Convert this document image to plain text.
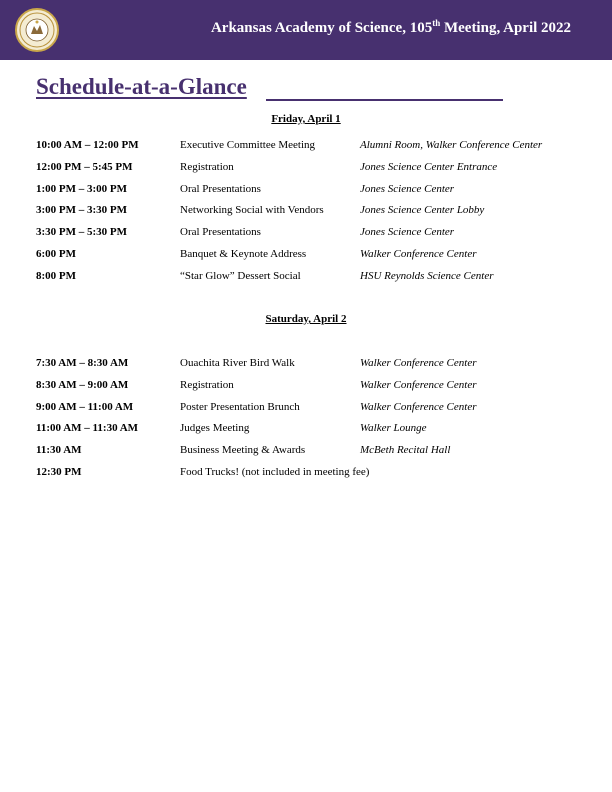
Arkansas Academy of Science, 105th Meeting, April 2022
Schedule-at-a-Glance
Friday, April 1
10:00 AM – 12:00 PM	Executive Committee Meeting	Alumni Room, Walker Conference Center
12:00 PM – 5:45 PM	Registration	Jones Science Center Entrance
1:00 PM – 3:00 PM	Oral Presentations	Jones Science Center
3:00 PM – 3:30 PM	Networking Social with Vendors	Jones Science Center Lobby
3:30 PM – 5:30 PM	Oral Presentations	Jones Science Center
6:00 PM	Banquet & Keynote Address	Walker Conference Center
8:00 PM	“Star Glow” Dessert Social	HSU Reynolds Science Center
Saturday, April 2
7:30 AM – 8:30 AM	Ouachita River Bird Walk	Walker Conference Center
8:30 AM – 9:00 AM	Registration	Walker Conference Center
9:00 AM – 11:00 AM	Poster Presentation Brunch	Walker Conference Center
11:00 AM – 11:30 AM	Judges Meeting	Walker Lounge
11:30 AM	Business Meeting & Awards	McBeth Recital Hall
12:30 PM	Food Trucks! (not included in meeting fee)
